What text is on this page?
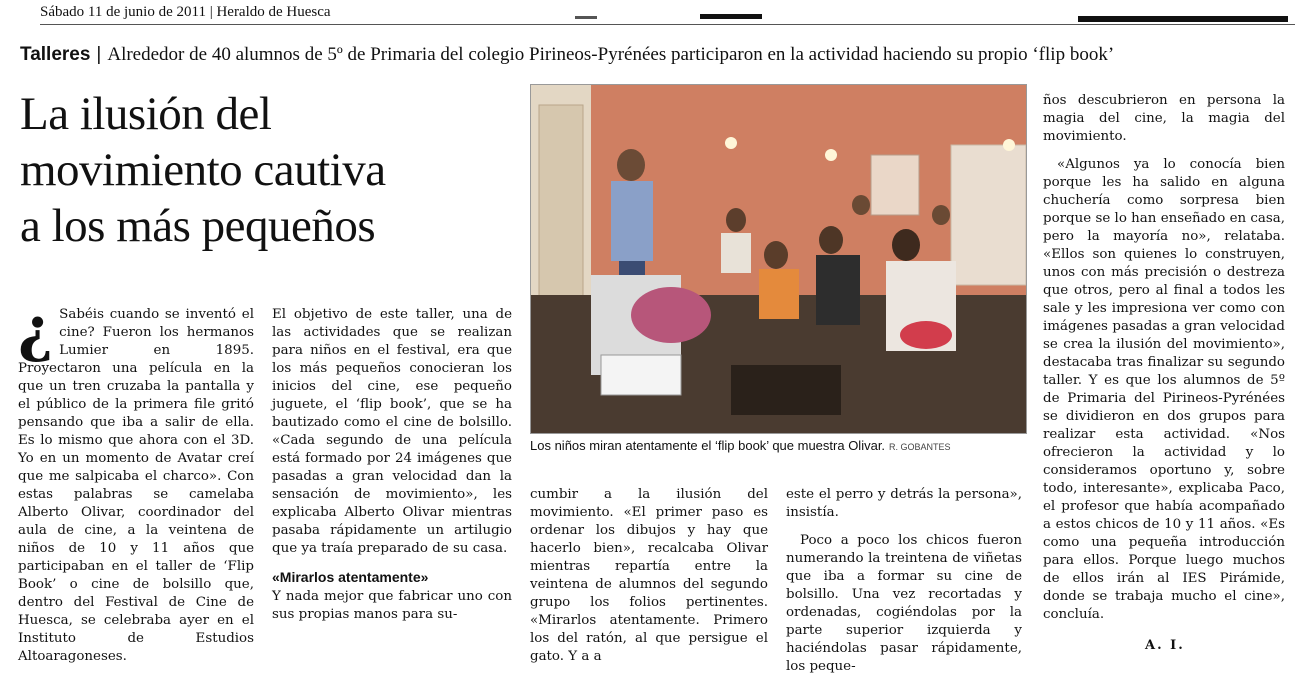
Sábado 11 de junio de 2011 | Heraldo de Huesca
Talleres | Alrededor de 40 alumnos de 5º de Primaria del colegio Pirineos-Pyrénées participaron en la actividad haciendo su propio ‘flip book’
La ilusión del
movimiento cautiva
a los más pequeños
Los niños miran atentamente el ‘flip book’ que muestra Olivar. R. GOBANTES
¿ Sabéis cuando se inventó el cine? Fueron los hermanos Lumier en 1895. Proyectaron una película en la que un tren cruzaba la pantalla y el público de la primera file gritó pensando que iba a salir de ella. Es lo mismo que ahora con el 3D. Yo en un momento de Avatar creí que me salpicaba el charco». Con estas palabras se camelaba Alberto Olivar, coordinador del aula de cine, a la veintena de niños de 10 y 11 años que participaban en el taller de ‘Flip Book’ o cine de bolsillo que, dentro del Festival de Cine de Huesca, se celebraba ayer en el Instituto de Estudios Altoaragoneses.

El objetivo de este taller, una de las actividades que se realizan para niños en el festival, era que los más pequeños conocieran los inicios del cine, ese pequeño juguete, el ‘flip book’, que se ha bautizado como el cine de bolsillo. «Cada segundo de una película está formado por 24 imágenes que pasadas a gran velocidad dan la sensación de movimiento», les explicaba Alberto Olivar mientras pasaba rápidamente un artilugio que ya traía preparado de su casa.

«Mirarlos atentamente»

Y nada mejor que fabricar uno con sus propias manos para su-

cumbir a la ilusión del movimiento. «El primer paso es ordenar los dibujos y hay que hacerlo bien», recalcaba Olivar mientras repartía entre la veintena de alumnos del segundo grupo los folios pertinentes. «Mirarlos atentamente. Primero los del ratón, al que persigue el gato. Y a a

este el perro y detrás la persona», insistía.

Poco a poco los chicos fueron numerando la treintena de viñetas que iba a formar su cine de bolsillo. Una vez recortadas y ordenadas, cogiéndolas por la parte superior izquierda y haciéndolas pasar rápidamente, los peque-

ños descubrieron en persona la magia del cine, la magia del movimiento.

«Algunos ya lo conocía bien porque les ha salido en alguna chuchería como sorpresa bien porque se lo han enseñado en casa, pero la mayoría no», relataba. «Ellos son quienes lo construyen, unos con más precisión o destreza que otros, pero al final a todos les sale y les impresiona ver como con imágenes pasadas a gran velocidad se crea la ilusión del movimiento», destacaba tras finalizar su segundo taller. Y es que los alumnos de 5º de Primaria del Pirineos-Pyrénées se dividieron en dos grupos para realizar esta actividad. «Nos ofrecieron la actividad y lo consideramos oportuno y, sobre todo, interesante», explicaba Paco, el profesor que había acompañado a estos chicos de 10 y 11 años. «Es como una pequeña introducción para ellos. Porque luego muchos de ellos irán al IES Pirámide, donde se trabaja mucho el cine», concluía.

A. I.
